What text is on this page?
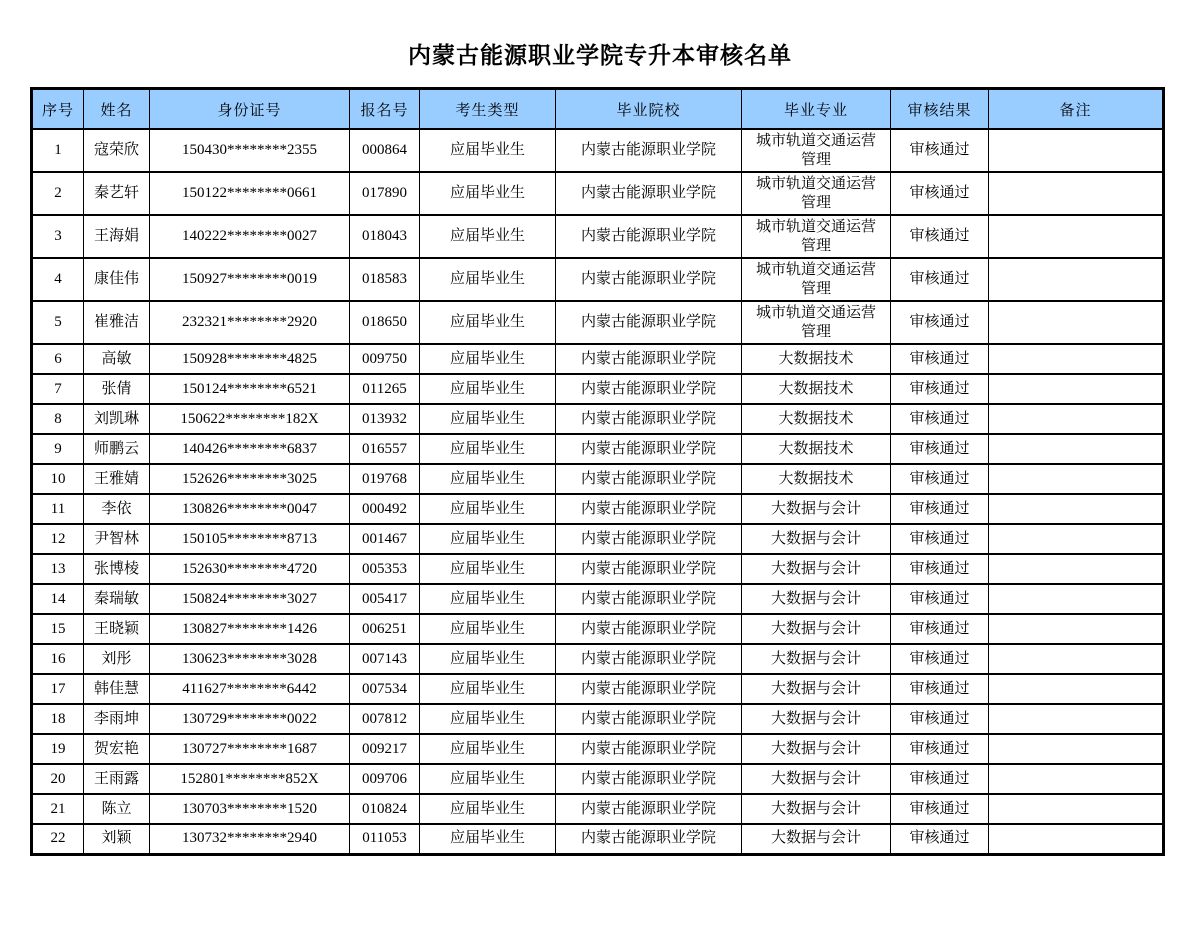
内蒙古能源职业学院专升本审核名单
序号	姓名	身份证号	报名号	考生类型	毕业院校	毕业专业	审核结果	备注
1	寇荣欣	150430********2355	000864	应届毕业生	内蒙古能源职业学院	城市轨道交通运营管理	审核通过	
2	秦艺轩	150122********0661	017890	应届毕业生	内蒙古能源职业学院	城市轨道交通运营管理	审核通过	
3	王海娟	140222********0027	018043	应届毕业生	内蒙古能源职业学院	城市轨道交通运营管理	审核通过	
4	康佳伟	150927********0019	018583	应届毕业生	内蒙古能源职业学院	城市轨道交通运营管理	审核通过	
5	崔雅洁	232321********2920	018650	应届毕业生	内蒙古能源职业学院	城市轨道交通运营管理	审核通过	
6	高敏	150928********4825	009750	应届毕业生	内蒙古能源职业学院	大数据技术	审核通过	
7	张倩	150124********6521	011265	应届毕业生	内蒙古能源职业学院	大数据技术	审核通过	
8	刘凯琳	150622********182X	013932	应届毕业生	内蒙古能源职业学院	大数据技术	审核通过	
9	师鹏云	140426********6837	016557	应届毕业生	内蒙古能源职业学院	大数据技术	审核通过	
10	王雅婧	152626********3025	019768	应届毕业生	内蒙古能源职业学院	大数据技术	审核通过	
11	李依	130826********0047	000492	应届毕业生	内蒙古能源职业学院	大数据与会计	审核通过	
12	尹智林	150105********8713	001467	应届毕业生	内蒙古能源职业学院	大数据与会计	审核通过	
13	张博棱	152630********4720	005353	应届毕业生	内蒙古能源职业学院	大数据与会计	审核通过	
14	秦瑞敏	150824********3027	005417	应届毕业生	内蒙古能源职业学院	大数据与会计	审核通过	
15	王晓颖	130827********1426	006251	应届毕业生	内蒙古能源职业学院	大数据与会计	审核通过	
16	刘彤	130623********3028	007143	应届毕业生	内蒙古能源职业学院	大数据与会计	审核通过	
17	韩佳慧	411627********6442	007534	应届毕业生	内蒙古能源职业学院	大数据与会计	审核通过	
18	李雨坤	130729********0022	007812	应届毕业生	内蒙古能源职业学院	大数据与会计	审核通过	
19	贺宏艳	130727********1687	009217	应届毕业生	内蒙古能源职业学院	大数据与会计	审核通过	
20	王雨露	152801********852X	009706	应届毕业生	内蒙古能源职业学院	大数据与会计	审核通过	
21	陈立	130703********1520	010824	应届毕业生	内蒙古能源职业学院	大数据与会计	审核通过	
22	刘颖	130732********2940	011053	应届毕业生	内蒙古能源职业学院	大数据与会计	审核通过	
